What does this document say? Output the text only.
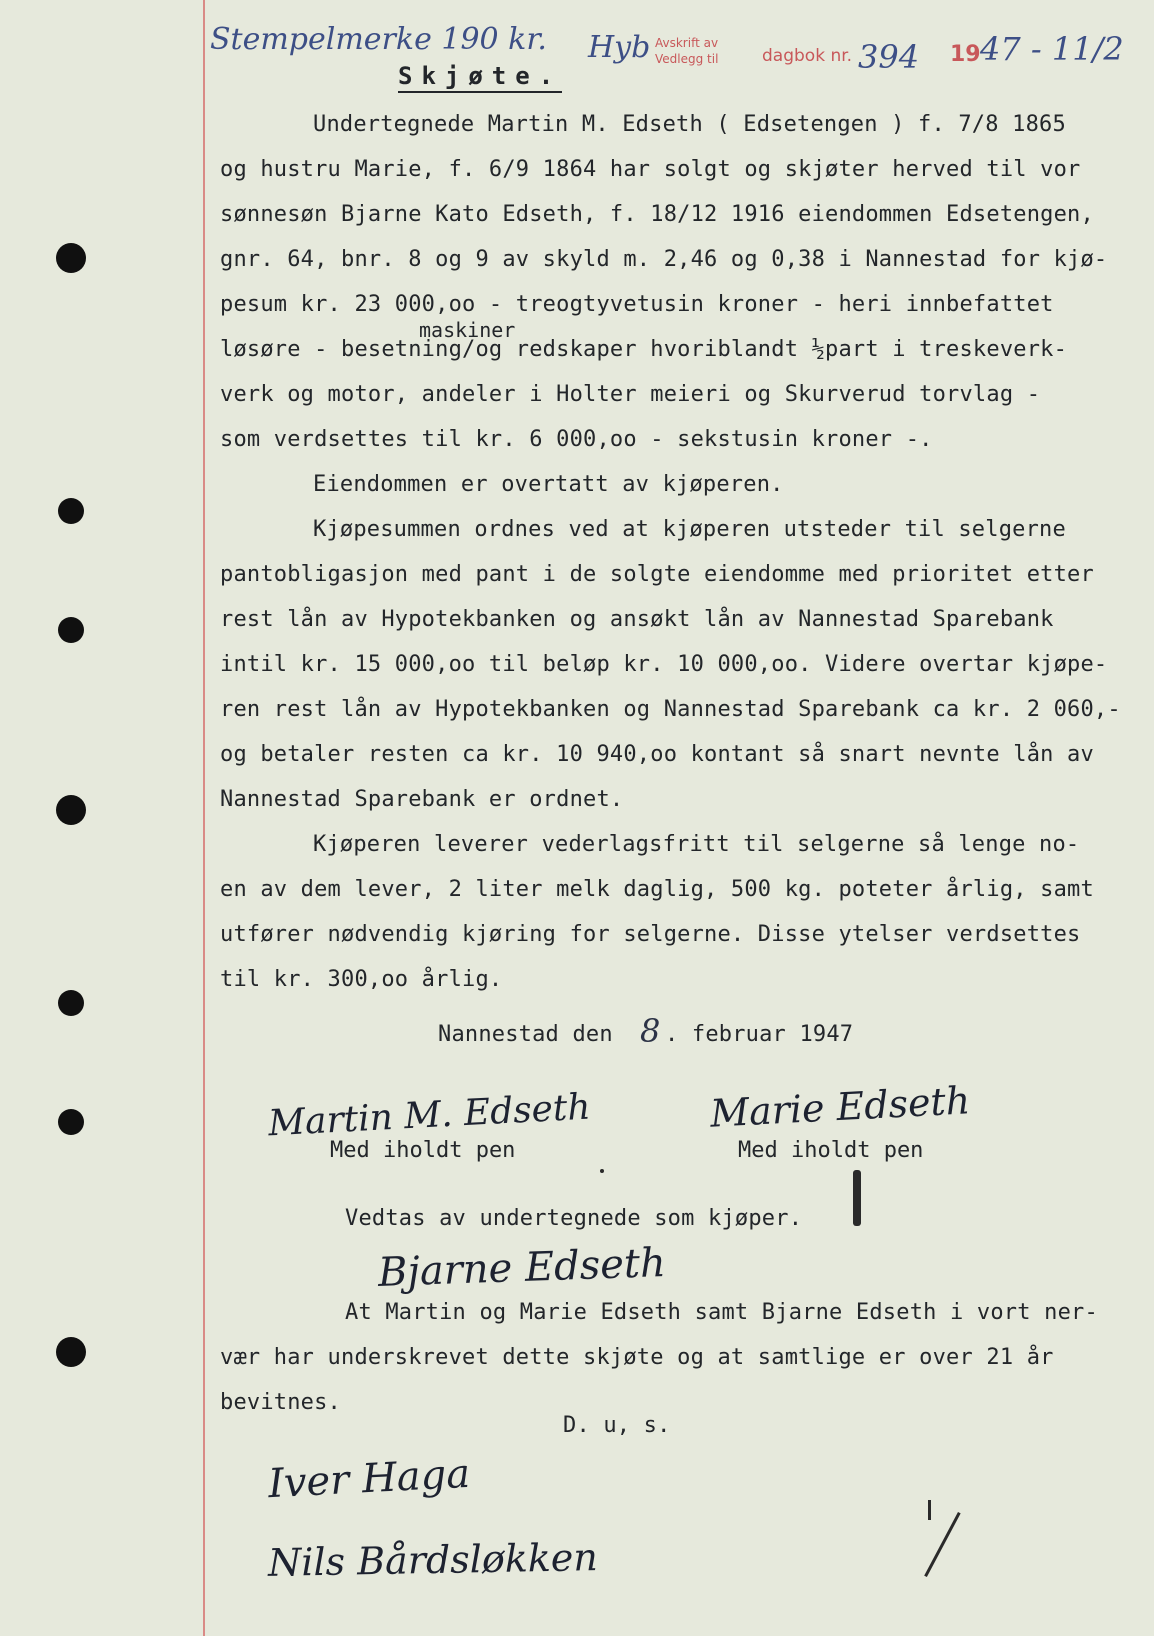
Stempelmerke 190 kr. Hyb Avskrift av
Vedlegg til	dagbok nr. 394 19 47 - 11/2
Skjøte.
maskiner
Undertegnede Martin M. Edseth ( Edsetengen ) f. 7/8 1865
og hustru Marie, f. 6/9 1864 har solgt og skjøter herved til vor
sønnesøn Bjarne Kato Edseth, f. 18/12 1916 eiendommen Edsetengen,
gnr. 64, bnr. 8 og 9 av skyld m. 2,46 og 0,38 i Nannestad for kjø-
pesum kr. 23 000,oo - treogtyvetusin kroner - heri innbefattet
løsøre - besetning/og redskaper hvoriblandt ½part i treskeverk-
verk og motor, andeler i Holter meieri og Skurverud torvlag -
som verdsettes til kr. 6 000,oo - sekstusin kroner -.
Eiendommen er overtatt av kjøperen.
Kjøpesummen ordnes ved at kjøperen utsteder til selgerne
pantobligasjon med pant i de solgte eiendomme med prioritet etter
rest lån av Hypotekbanken og ansøkt lån av Nannestad Sparebank
intil kr. 15 000,oo til beløp kr. 10 000,oo. Videre overtar kjøpe-
ren rest lån av Hypotekbanken og Nannestad Sparebank ca kr. 2 060,-
og betaler resten ca kr. 10 940,oo kontant så snart nevnte lån av
Nannestad Sparebank er ordnet.
Kjøperen leverer vederlagsfritt til selgerne så lenge no-
en av dem lever, 2 liter melk daglig, 500 kg. poteter årlig, samt
utfører nødvendig kjøring for selgerne. Disse ytelser verdsettes
til kr. 300,oo årlig.
Nannestad den 8 . februar 1947
Martin M. Edseth	Marie Edseth
Med iholdt pen	Med iholdt pen
Vedtas av undertegnede som kjøper.
Bjarne Edseth
At Martin og Marie Edseth samt Bjarne Edseth i vort ner-
vær har underskrevet dette skjøte og at samtlige er over 21 år
bevitnes.
D. u, s.
Iver Haga
Nils Bårdsløkken
